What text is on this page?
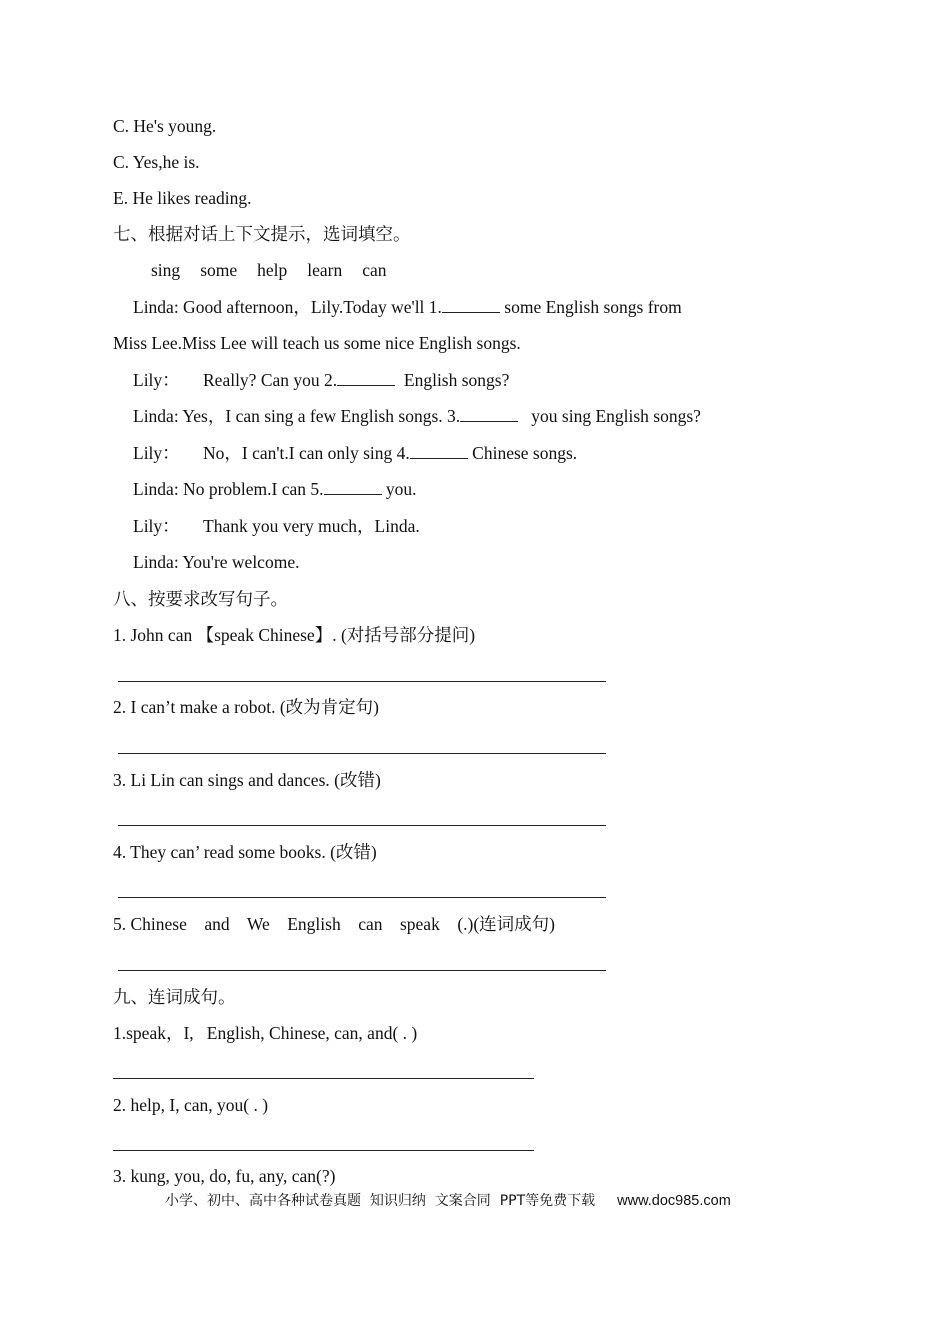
C. He's young.

C. Yes,he is.

E. He likes reading.

七、根据对话上下文提示，选词填空。

sing some help learn can

Linda: Good afternoon，Lily.Today we'll 1.	some English songs from

Miss Lee.Miss Lee will teach us some nice English songs.

Lily： Really? Can you 2.	English songs?

Linda: Yes，I can sing a few English songs. 3.	you sing English songs?

Lily： No，I can't.I can only sing 4.	Chinese songs.

Linda: No problem.I can 5.	you.

Lily： Thank you very much，Linda.

Linda: You're welcome.

八、按要求改写句子。

1. John can 【speak Chinese】. (对括号部分提问)

2. I can’t make a robot. (改为肯定句)

3. Li Lin can sings and dances. (改错)

4. They can’ read some books. (改错)

5. Chinese    and    We    English    can    speak    (.)(连词成句)

九、连词成句。

1.speak，I,   English, Chinese, can, and( . )

2. help, I, can, you( . )

3. kung, you, do, fu, any, can(?)

小学、初中、高中各种试卷真题  知识归纳  文案合同  PPT等免费下载 www.doc985.com
